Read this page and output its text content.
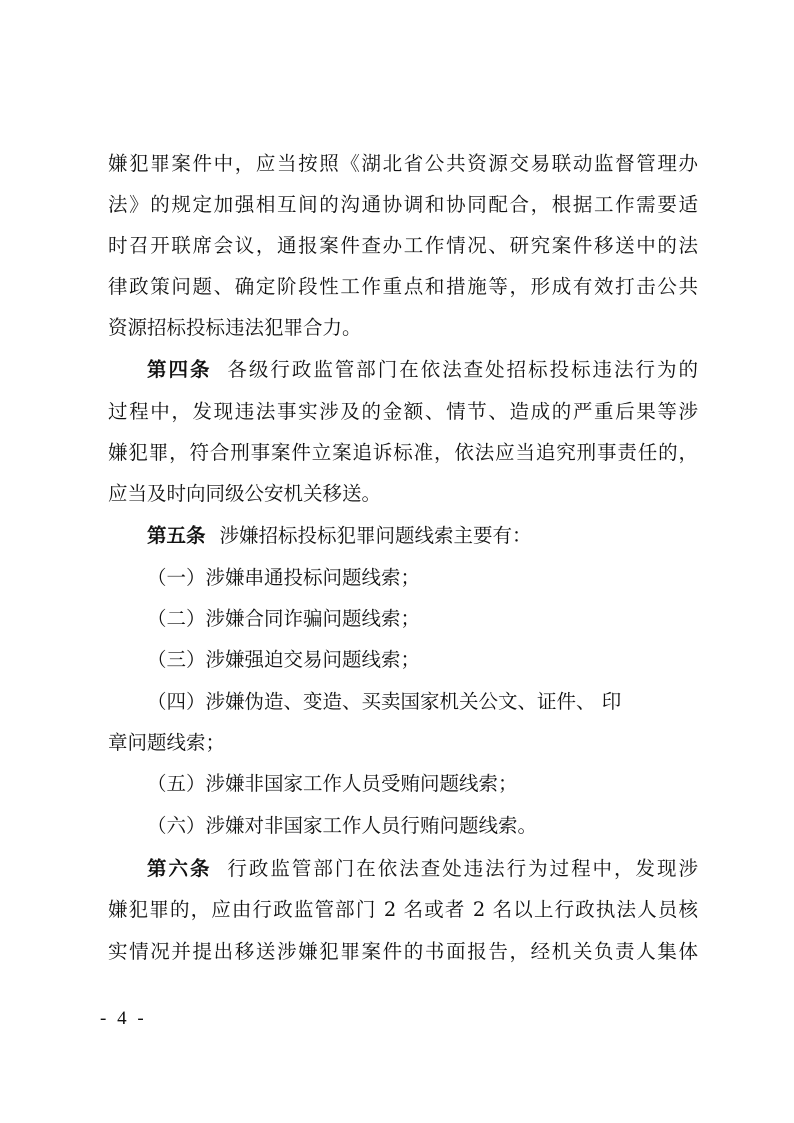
嫌犯罪案件中，应当按照《湖北省公共资源交易联动监督管理办
法》的规定加强相互间的沟通协调和协同配合，根据工作需要适
时召开联席会议，通报案件查办工作情况、研究案件移送中的法
律政策问题、确定阶段性工作重点和措施等，形成有效打击公共
资源招标投标违法犯罪合力。
第四条 各级行政监管部门在依法查处招标投标违法行为的
过程中，发现违法事实涉及的金额、情节、造成的严重后果等涉
嫌犯罪，符合刑事案件立案追诉标准，依法应当追究刑事责任的，
应当及时向同级公安机关移送。
第五条 涉嫌招标投标犯罪问题线索主要有：
（一）涉嫌串通投标问题线索；
（二）涉嫌合同诈骗问题线索；
（三）涉嫌强迫交易问题线索；
（四）涉嫌伪造、变造、买卖国家机关公文、证件、 印
章问题线索；
（五）涉嫌非国家工作人员受贿问题线索；
（六）涉嫌对非国家工作人员行贿问题线索。
第六条 行政监管部门在依法查处违法行为过程中，发现涉
嫌犯罪的，应由行政监管部门 2 名或者 2 名以上行政执法人员核
实情况并提出移送涉嫌犯罪案件的书面报告，经机关负责人集体
- 4 -
